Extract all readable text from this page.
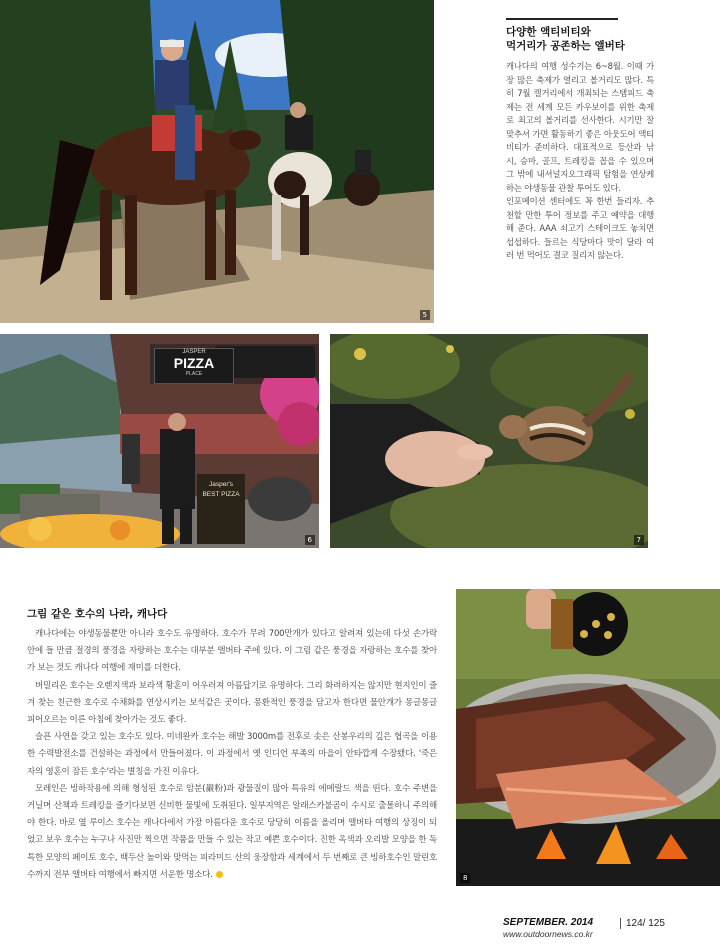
5
다양한 액티비티와
먹거리가 공존하는 앨버타

캐나다의 여행 성수기는 6~8월. 이때 가장 많은 축제가 열리고 볼거리도 많다. 특히 7월 캘거리에서 개최되는 스탬피드 축제는 전 세계 모든 카우보이를 위한 축제로 최고의 볼거리를 선사한다. 시기만 잘 맞추셔 가면 활동하기 좋은 아웃도어 액티비티가 준비하다. 대표적으로 등산과 낚시, 승마, 골프, 트레킹을 꼽을 수 있으며 그 밖에 내셔널지오그래픽 탐험을 연상케 하는 야생동물 관찰 투어도 있다.

인포메이션 센터에도 꼭 한번 들리자. 추천할 만한 투어 정보를 주고 예약을 대행해 준다. AAA 쇠고기 스테이크도 놓치면 섭섭하다. 들르는 식당마다 맛이 달라 여러 번 먹어도 결코 질리지 않는다.

JASPER
PIZZA
PLACE
Jasper's BEST PIZZA
6	7
그림 같은 호수의 나라, 캐나다

캐나다에는 야생동물뿐만 아니라 호수도 유명하다. 호수가 무려 700만개가 있다고 알려져 있는데 다섯 손가락 안에 들 만큼 절경의 풍경을 자랑하는 호수는 대부분 앨버타 주에 있다. 이 그림 같은 풍경을 자랑하는 호수를 찾아가 보는 것도 캐나다 여행에 재미를 더한다.

버밀리온 호수는 오렌지색과 보라색 황혼이 어우러져 아름답기로 유명하다. 그리 화려하지는 않지만 현지인이 즐겨 찾는 친근한 호수로 수채화를 연상시키는 보석같은 곳이다. 몽환적인 풍경을 담고자 한다면 물안개가 몽글몽글 피어오르는 이른 아침에 찾아가는 것도 좋다.

슬픈 사연을 갖고 있는 호수도 있다. 미네완카 호수는 해발 3000m를 전후로 솟은 산봉우리의 깊은 협곡을 이용한 수력발전소를 건설하는 과정에서 만들어졌다. 이 과정에서 옛 인디언 부족의 마을이 안타깝게 수장됐다. '죽은 자의 영혼이 잠든 호수'라는 별칭을 가진 이유다.

모레인은 빙하작용에 의해 형성된 호수로 암분(巖粉)과 광물질이 많아 특유의 에메랄드 색을 띤다. 호수 주변을 거닐며 산책과 트레킹을 즐기다보면 신비한 물빛에 도취된다. 일부지역은 알래스카불곰이 수시로 출몰하니 주의해야 한다. 바로 옆 루이스 호수는 캐나다에서 가장 아름다운 호수로 당당히 이름을 올리며 앨버타 여행의 상징이 되었고 보우 호수는 누구나 사진만 찍으면 작품을 만들 수 있는 작고 예쁜 호수이다. 진한 옥색과 오리발 모양을 한 독특한 모양의 페이토 호수, 백두산 높이와 맞먹는 피라미드 산의 웅장함과 세계에서 두 번째로 큰 빙하호수인 말린호수까지 전부 앨버타 여행에서 빠지면 서운한 명소다.	8
SEPTEMBER. 2014
www.outdoornews.co.kr
124/ 125
